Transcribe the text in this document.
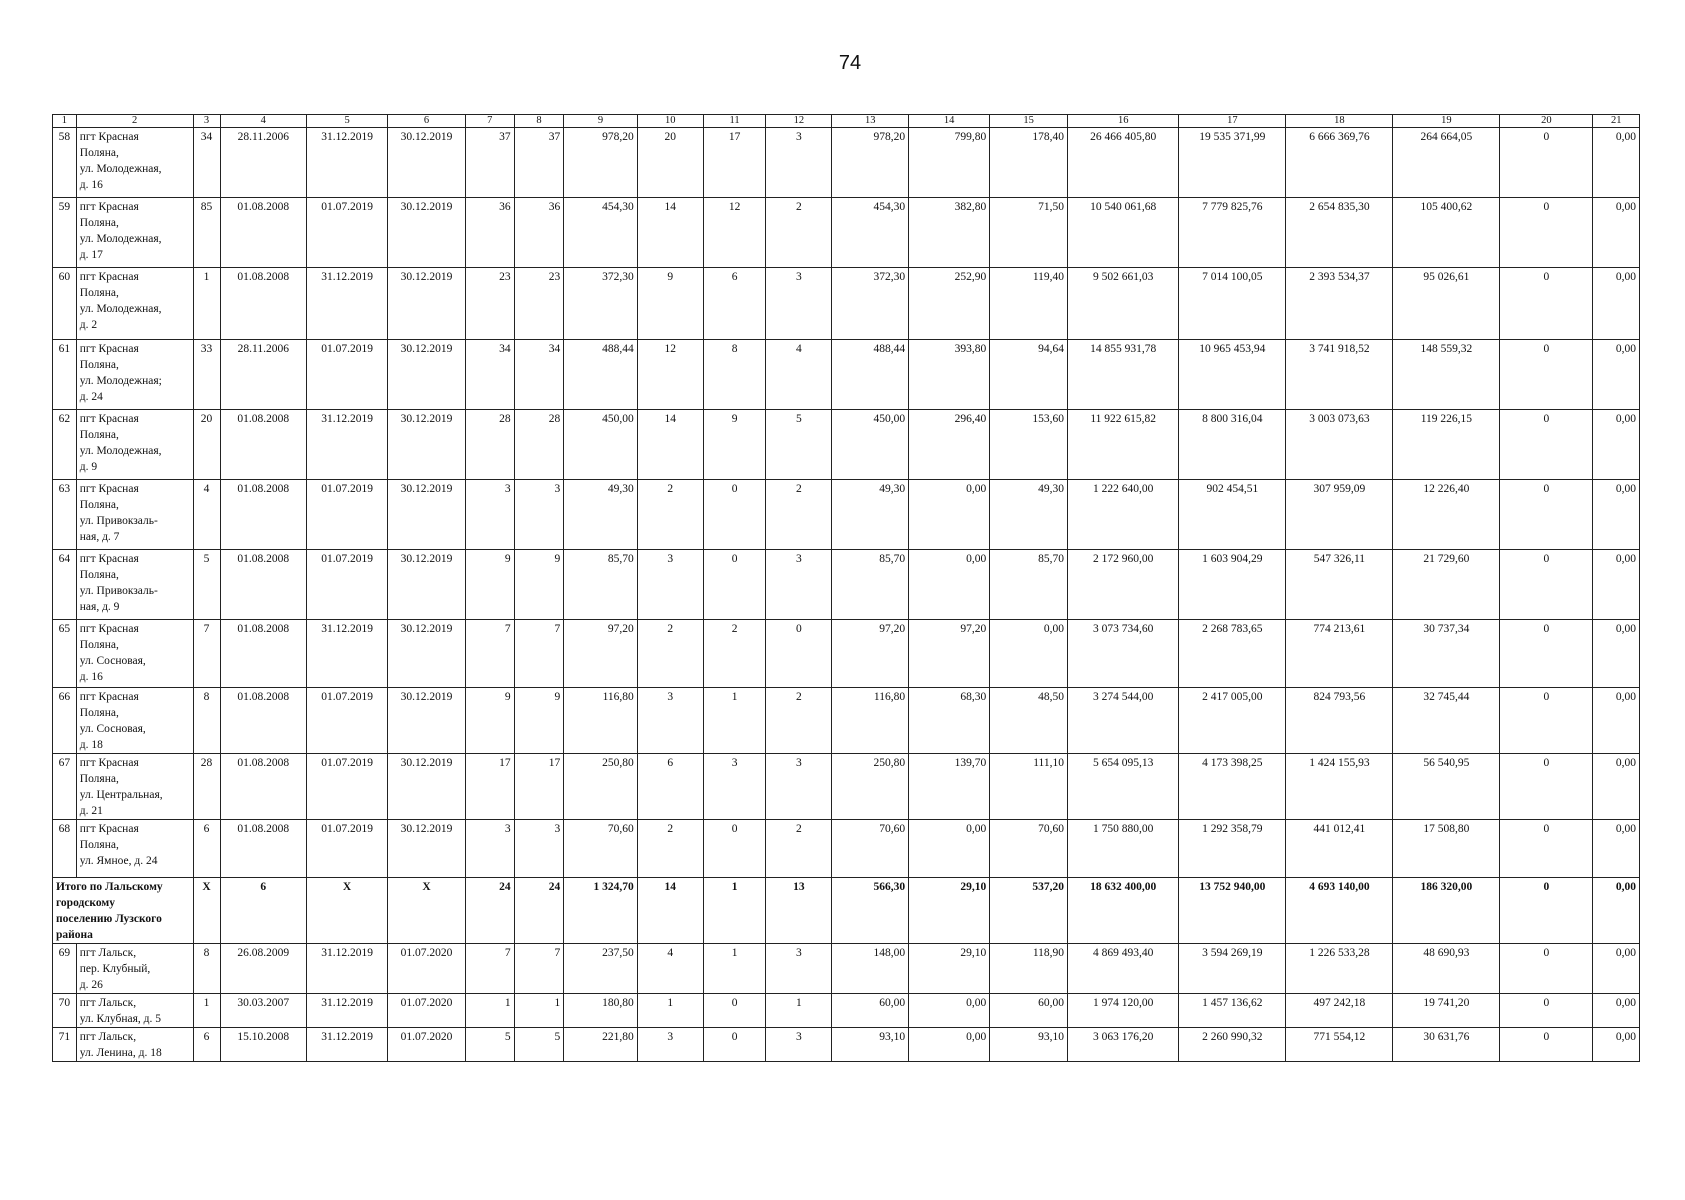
74
1	2	3	4	5	6	7	8	9	10	11	12	13	14	15	16	17	18	19	20	21
58	пгт Красная
Поляна,
ул. Молодежная,
д. 16	34	28.11.2006	31.12.2019	30.12.2019	37	37	978,20	20	17	3	978,20	799,80	178,40	26 466 405,80	19 535 371,99	6 666 369,76	264 664,05	0	0,00
59	пгт Красная
Поляна,
ул. Молодежная,
д. 17	85	01.08.2008	01.07.2019	30.12.2019	36	36	454,30	14	12	2	454,30	382,80	71,50	10 540 061,68	7 779 825,76	2 654 835,30	105 400,62	0	0,00
60	пгт Красная
Поляна,
ул. Молодежная,
д. 2	1	01.08.2008	31.12.2019	30.12.2019	23	23	372,30	9	6	3	372,30	252,90	119,40	9 502 661,03	7 014 100,05	2 393 534,37	95 026,61	0	0,00
61	пгт Красная
Поляна,
ул. Молодежная;
д. 24	33	28.11.2006	01.07.2019	30.12.2019	34	34	488,44	12	8	4	488,44	393,80	94,64	14 855 931,78	10 965 453,94	3 741 918,52	148 559,32	0	0,00
62	пгт Красная
Поляна,
ул. Молодежная,
д. 9	20	01.08.2008	31.12.2019	30.12.2019	28	28	450,00	14	9	5	450,00	296,40	153,60	11 922 615,82	8 800 316,04	3 003 073,63	119 226,15	0	0,00
63	пгт Красная
Поляна,
ул. Привокзаль-
ная, д. 7	4	01.08.2008	01.07.2019	30.12.2019	3	3	49,30	2	0	2	49,30	0,00	49,30	1 222 640,00	902 454,51	307 959,09	12 226,40	0	0,00
64	пгт Красная
Поляна,
ул. Привокзаль-
ная, д. 9	5	01.08.2008	01.07.2019	30.12.2019	9	9	85,70	3	0	3	85,70	0,00	85,70	2 172 960,00	1 603 904,29	547 326,11	21 729,60	0	0,00
65	пгт Красная
Поляна,
ул. Сосновая,
д. 16	7	01.08.2008	31.12.2019	30.12.2019	7	7	97,20	2	2	0	97,20	97,20	0,00	3 073 734,60	2 268 783,65	774 213,61	30 737,34	0	0,00
66	пгт Красная
Поляна,
ул. Сосновая,
д. 18	8	01.08.2008	01.07.2019	30.12.2019	9	9	116,80	3	1	2	116,80	68,30	48,50	3 274 544,00	2 417 005,00	824 793,56	32 745,44	0	0,00
67	пгт Красная
Поляна,
ул. Центральная,
д. 21	28	01.08.2008	01.07.2019	30.12.2019	17	17	250,80	6	3	3	250,80	139,70	111,10	5 654 095,13	4 173 398,25	1 424 155,93	56 540,95	0	0,00
68	пгт Красная
Поляна,
ул. Ямное, д. 24	6	01.08.2008	01.07.2019	30.12.2019	3	3	70,60	2	0	2	70,60	0,00	70,60	1 750 880,00	1 292 358,79	441 012,41	17 508,80	0	0,00

Итого по Лальскому
городскому
поселению Лузского
района		X	6	X	X	24	24	1 324,70	14	1	13	566,30	29,10	537,20	18 632 400,00	13 752 940,00	4 693 140,00	186 320,00	0	0,00
69	пгт Лальск,
пер. Клубный,
д. 26	8	26.08.2009	31.12.2019	01.07.2020	7	7	237,50	4	1	3	148,00	29,10	118,90	4 869 493,40	3 594 269,19	1 226 533,28	48 690,93	0	0,00
70	пгт Лальск,
ул. Клубная, д. 5	1	30.03.2007	31.12.2019	01.07.2020	1	1	180,80	1	0	1	60,00	0,00	60,00	1 974 120,00	1 457 136,62	497 242,18	19 741,20	0	0,00
71	пгт Лальск,
ул. Ленина, д. 18	6	15.10.2008	31.12.2019	01.07.2020	5	5	221,80	3	0	3	93,10	0,00	93,10	3 063 176,20	2 260 990,32	771 554,12	30 631,76	0	0,00
